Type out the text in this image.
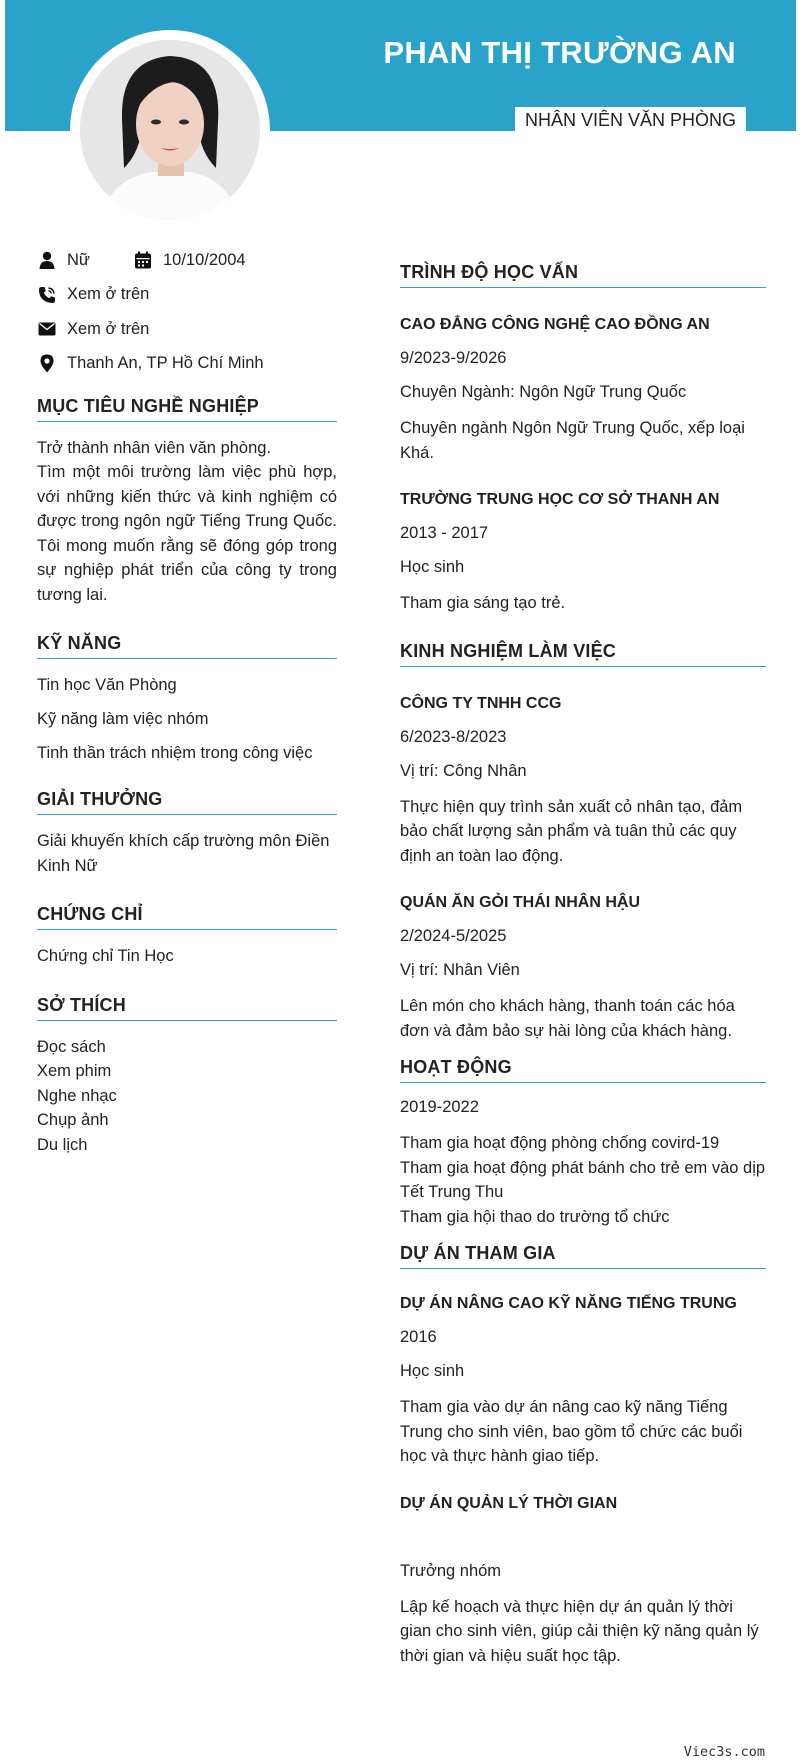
PHAN THỊ TRƯỜNG AN
NHÂN VIÊN VĂN PHÒNG
Nữ	10/10/2004
Xem ở trên
Xem ở trên
Thanh An, TP Hồ Chí Minh
MỤC TIÊU NGHỀ NGHIỆP
Trở thành nhân viên văn phòng.
Tìm một môi trường làm việc phù hợp, với những kiến thức và kinh nghiệm có được trong ngôn ngữ Tiếng Trung Quốc. Tôi mong muốn rằng sẽ đóng góp trong sự nghiệp phát triển của công ty trong tương lai.
KỸ NĂNG
Tin học Văn Phòng
Kỹ năng làm việc nhóm
Tinh thần trách nhiệm trong công việc
GIẢI THƯỞNG
Giải khuyến khích cấp trường môn Điền Kinh Nữ
CHỨNG CHỈ
Chứng chỉ Tin Học
SỞ THÍCH
Đọc sách
Xem phim
Nghe nhạc
Chụp ảnh
Du lịch
TRÌNH ĐỘ HỌC VẤN
CAO ĐẲNG CÔNG NGHỆ CAO ĐỒNG AN
9/2023-9/2026
Chuyên Ngành: Ngôn Ngữ Trung Quốc
Chuyên ngành Ngôn Ngữ Trung Quốc, xếp loại Khá.
TRƯỜNG TRUNG HỌC CƠ SỞ THANH AN
2013 - 2017
Học sinh
Tham gia sáng tạo trẻ.
KINH NGHIỆM LÀM VIỆC
CÔNG TY TNHH CCG
6/2023-8/2023
Vị trí: Công Nhân
Thực hiện quy trình sản xuất cỏ nhân tạo, đảm bảo chất lượng sản phẩm và tuân thủ các quy định an toàn lao động.
QUÁN ĂN GỎI THÁI NHÂN HẬU
2/2024-5/2025
Vị trí: Nhân Viên
Lên món cho khách hàng, thanh toán các hóa đơn và đảm bảo sự hài lòng của khách hàng.
HOẠT ĐỘNG
2019-2022
Tham gia hoạt động phòng chống covird-19
Tham gia hoạt động phát bánh cho trẻ em vào dịp Tết Trung Thu
Tham gia hội thao do trường tổ chức
DỰ ÁN THAM GIA
DỰ ÁN NÂNG CAO KỸ NĂNG TIẾNG TRUNG
2016
Học sinh
Tham gia vào dự án nâng cao kỹ năng Tiếng Trung cho sinh viên, bao gồm tổ chức các buổi học và thực hành giao tiếp.
DỰ ÁN QUẢN LÝ THỜI GIAN
Trưởng nhóm
Lập kế hoạch và thực hiện dự án quản lý thời gian cho sinh viên, giúp cải thiện kỹ năng quản lý thời gian và hiệu suất học tập.
Viec3s.com
